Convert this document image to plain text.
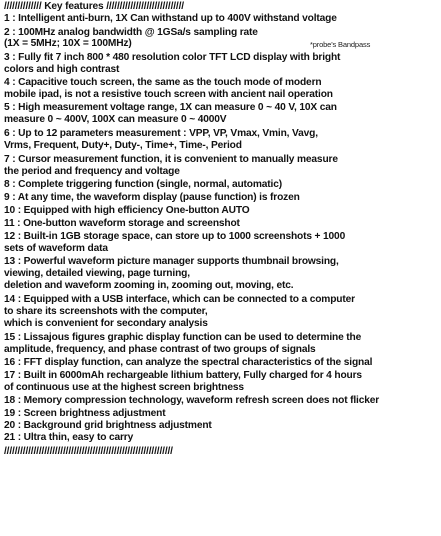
////////////// Key features /////////////////////////////
1 : Intelligent anti-burn, 1X Can withstand up to 400V withstand voltage
2 : 100MHz analog bandwidth @ 1GSa/s sampling rate
(1X = 5MHz; 10X = 100MHz)	*probe's Bandpass
3 : Fully fit 7 inch 800 * 480 resolution color TFT LCD display with bright
colors and high contrast
4 : Capacitive touch screen, the same as the touch mode of modern
mobile ipad, is not a resistive touch screen with ancient nail operation
5 : High measurement voltage range, 1X can measure 0 ~ 40 V, 10X can
measure 0 ~ 400V, 100X can measure 0 ~ 4000V
6 : Up to 12 parameters measurement : VPP, VP, Vmax, Vmin, Vavg,
Vrms, Frequent, Duty+, Duty-, Time+, Time-, Period
7 : Cursor measurement function, it is convenient to manually measure
the period and frequency and voltage
8 : Complete triggering function (single, normal, automatic)
9 : At any time, the waveform display (pause function) is frozen
10 : Equipped with high efficiency One-button AUTO
11 : One-button waveform storage and screenshot
12 : Built-in 1GB storage space, can store up to 1000 screenshots + 1000
sets of waveform data
13 : Powerful waveform picture manager supports thumbnail browsing,
viewing, detailed viewing, page turning,
deletion and waveform zooming in, zooming out, moving, etc.
14 : Equipped with a USB interface, which can be connected to a computer
to share its screenshots with the computer,
which is convenient for secondary analysis
15 : Lissajous figures graphic display function can be used to determine the
amplitude, frequency, and phase contrast of two groups of signals
16 : FFT display function, can analyze the spectral characteristics of the signal
17 : Built in 6000mAh rechargeable lithium battery, Fully charged for 4 hours
of continuous use at the highest screen brightness
18 : Memory compression technology, waveform refresh screen does not flicker
19 : Screen brightness adjustment
20 : Background grid brightness adjustment
21 : Ultra thin, easy to carry
///////////////////////////////////////////////////////////////
